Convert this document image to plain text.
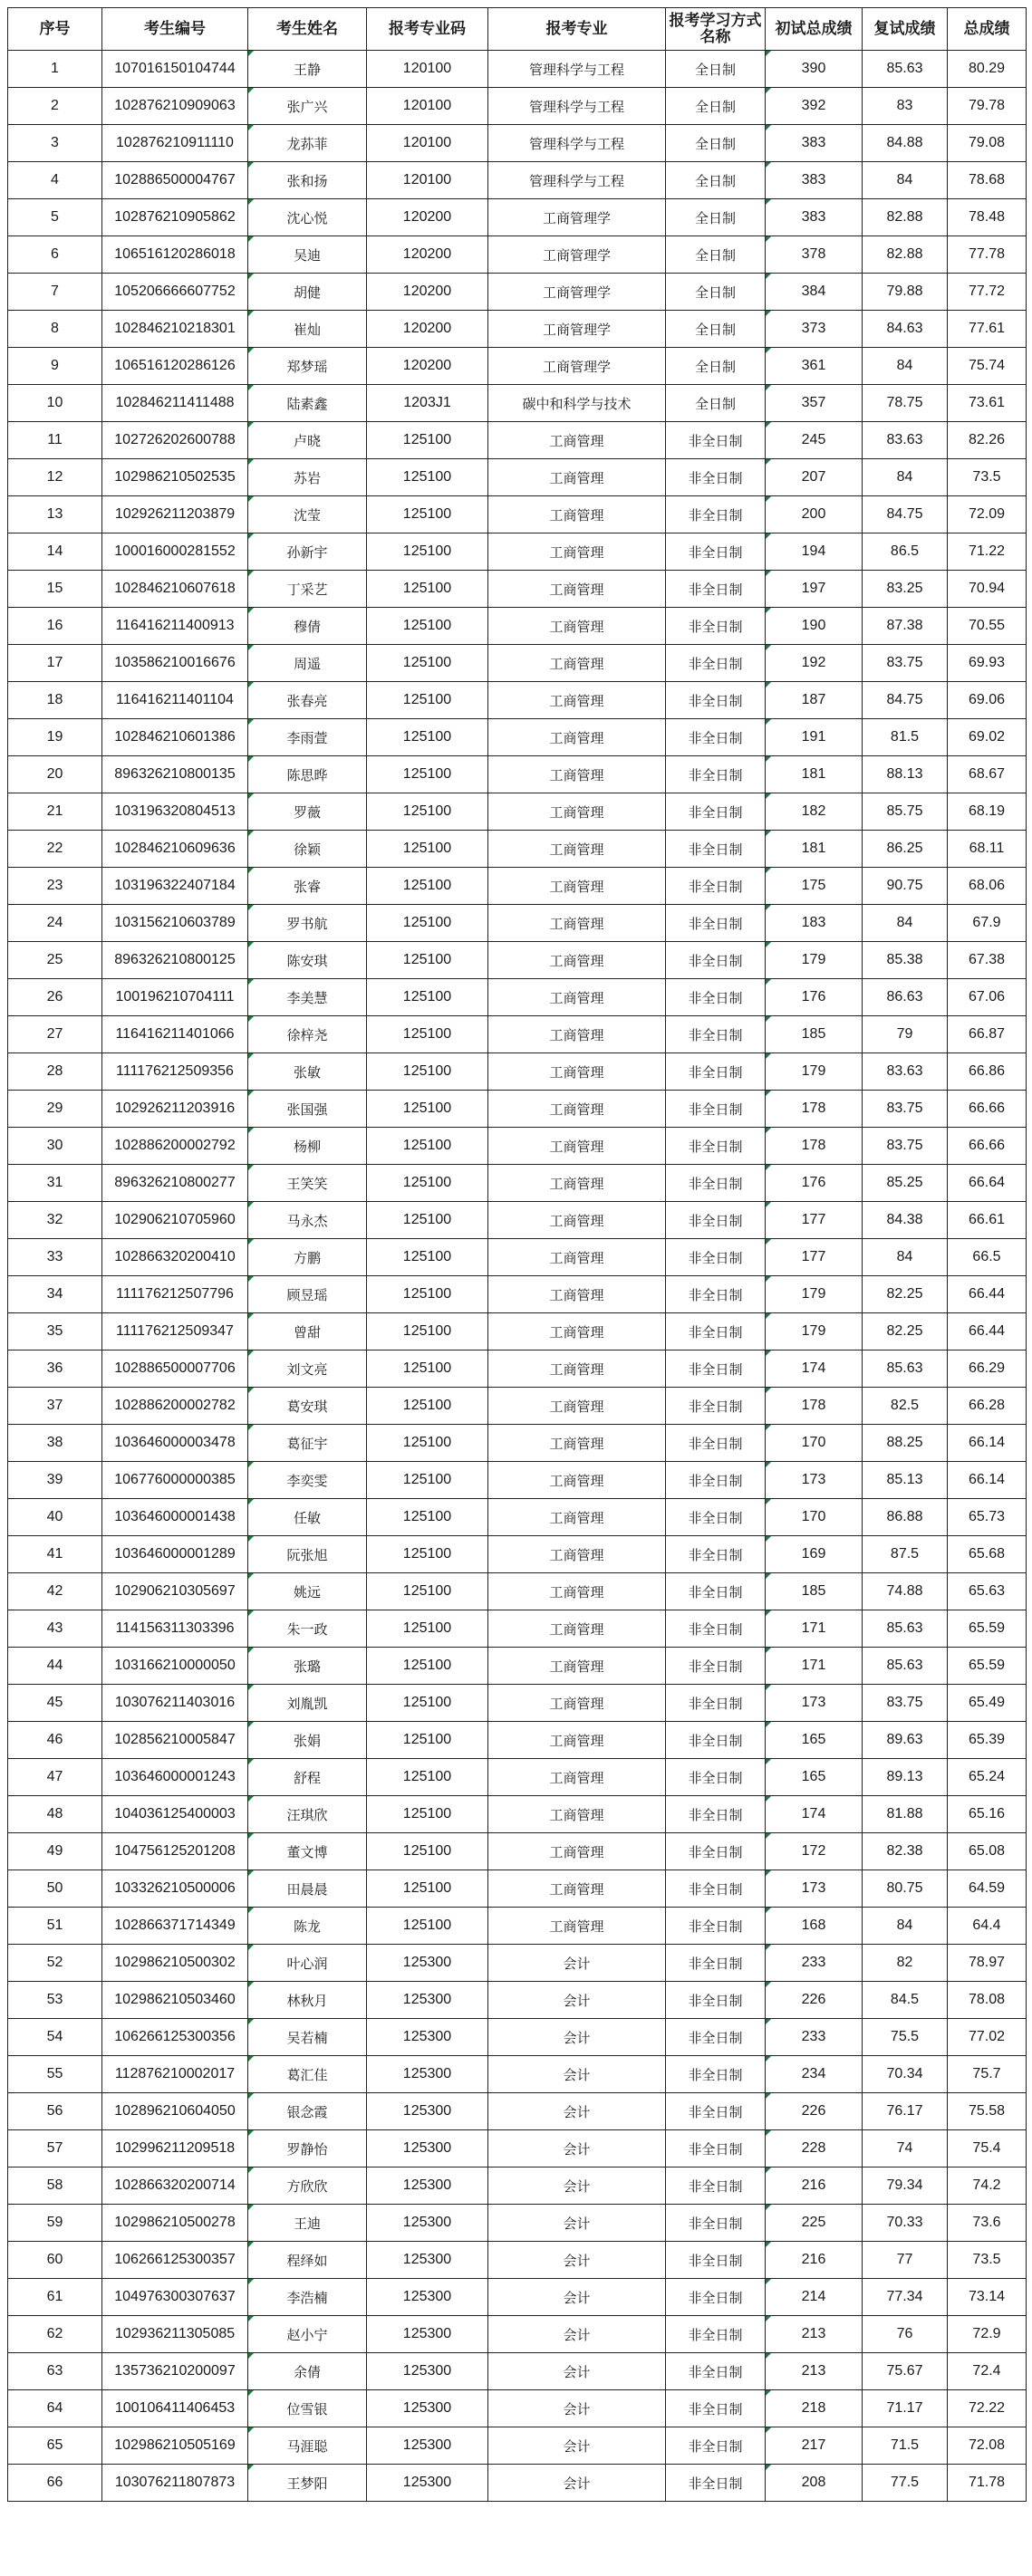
序号	考生编号	考生姓名	报考专业码	报考专业	报考学习方式名称	初试总成绩	复试成绩	总成绩
1	107016150104744	王静	120100	管理科学与工程	全日制	390	85.63	80.29
2	102876210909063	张广兴	120100	管理科学与工程	全日制	392	83	79.78
3	102876210911110	龙荪菲	120100	管理科学与工程	全日制	383	84.88	79.08
4	102886500004767	张和扬	120100	管理科学与工程	全日制	383	84	78.68
5	102876210905862	沈心悦	120200	工商管理学	全日制	383	82.88	78.48
6	106516120286018	吴迪	120200	工商管理学	全日制	378	82.88	77.78
7	105206666607752	胡健	120200	工商管理学	全日制	384	79.88	77.72
8	102846210218301	崔灿	120200	工商管理学	全日制	373	84.63	77.61
9	106516120286126	郑梦瑶	120200	工商管理学	全日制	361	84	75.74
10	102846211411488	陆素鑫	1203J1	碳中和科学与技术	全日制	357	78.75	73.61
11	102726202600788	卢晓	125100	工商管理	非全日制	245	83.63	82.26
12	102986210502535	苏岩	125100	工商管理	非全日制	207	84	73.5
13	102926211203879	沈莹	125100	工商管理	非全日制	200	84.75	72.09
14	100016000281552	孙新宇	125100	工商管理	非全日制	194	86.5	71.22
15	102846210607618	丁采艺	125100	工商管理	非全日制	197	83.25	70.94
16	116416211400913	穆倩	125100	工商管理	非全日制	190	87.38	70.55
17	103586210016676	周遥	125100	工商管理	非全日制	192	83.75	69.93
18	116416211401104	张春亮	125100	工商管理	非全日制	187	84.75	69.06
19	102846210601386	李雨萱	125100	工商管理	非全日制	191	81.5	69.02
20	896326210800135	陈思晔	125100	工商管理	非全日制	181	88.13	68.67
21	103196320804513	罗薇	125100	工商管理	非全日制	182	85.75	68.19
22	102846210609636	徐颖	125100	工商管理	非全日制	181	86.25	68.11
23	103196322407184	张睿	125100	工商管理	非全日制	175	90.75	68.06
24	103156210603789	罗书航	125100	工商管理	非全日制	183	84	67.9
25	896326210800125	陈安琪	125100	工商管理	非全日制	179	85.38	67.38
26	100196210704111	李美慧	125100	工商管理	非全日制	176	86.63	67.06
27	116416211401066	徐梓尧	125100	工商管理	非全日制	185	79	66.87
28	111176212509356	张敏	125100	工商管理	非全日制	179	83.63	66.86
29	102926211203916	张国强	125100	工商管理	非全日制	178	83.75	66.66
30	102886200002792	杨柳	125100	工商管理	非全日制	178	83.75	66.66
31	896326210800277	王笑笑	125100	工商管理	非全日制	176	85.25	66.64
32	102906210705960	马永杰	125100	工商管理	非全日制	177	84.38	66.61
33	102866320200410	方鹏	125100	工商管理	非全日制	177	84	66.5
34	111176212507796	顾昱瑶	125100	工商管理	非全日制	179	82.25	66.44
35	111176212509347	曾甜	125100	工商管理	非全日制	179	82.25	66.44
36	102886500007706	刘文亮	125100	工商管理	非全日制	174	85.63	66.29
37	102886200002782	葛安琪	125100	工商管理	非全日制	178	82.5	66.28
38	103646000003478	葛征宇	125100	工商管理	非全日制	170	88.25	66.14
39	106776000000385	李奕雯	125100	工商管理	非全日制	173	85.13	66.14
40	103646000001438	任敏	125100	工商管理	非全日制	170	86.88	65.73
41	103646000001289	阮张旭	125100	工商管理	非全日制	169	87.5	65.68
42	102906210305697	姚远	125100	工商管理	非全日制	185	74.88	65.63
43	114156311303396	朱一政	125100	工商管理	非全日制	171	85.63	65.59
44	103166210000050	张璐	125100	工商管理	非全日制	171	85.63	65.59
45	103076211403016	刘胤凯	125100	工商管理	非全日制	173	83.75	65.49
46	102856210005847	张娟	125100	工商管理	非全日制	165	89.63	65.39
47	103646000001243	舒程	125100	工商管理	非全日制	165	89.13	65.24
48	104036125400003	汪琪欣	125100	工商管理	非全日制	174	81.88	65.16
49	104756125201208	董文博	125100	工商管理	非全日制	172	82.38	65.08
50	103326210500006	田晨晨	125100	工商管理	非全日制	173	80.75	64.59
51	102866371714349	陈龙	125100	工商管理	非全日制	168	84	64.4
52	102986210500302	叶心润	125300	会计	非全日制	233	82	78.97
53	102986210503460	林秋月	125300	会计	非全日制	226	84.5	78.08
54	106266125300356	吴若楠	125300	会计	非全日制	233	75.5	77.02
55	112876210002017	葛汇佳	125300	会计	非全日制	234	70.34	75.7
56	102896210604050	银念霞	125300	会计	非全日制	226	76.17	75.58
57	102996211209518	罗静怡	125300	会计	非全日制	228	74	75.4
58	102866320200714	方欣欣	125300	会计	非全日制	216	79.34	74.2
59	102986210500278	王迪	125300	会计	非全日制	225	70.33	73.6
60	106266125300357	程绎如	125300	会计	非全日制	216	77	73.5
61	104976300307637	李浩楠	125300	会计	非全日制	214	77.34	73.14
62	102936211305085	赵小宁	125300	会计	非全日制	213	76	72.9
63	135736210200097	余倩	125300	会计	非全日制	213	75.67	72.4
64	100106411406453	位雪银	125300	会计	非全日制	218	71.17	72.22
65	102986210505169	马涯聪	125300	会计	非全日制	217	71.5	72.08
66	103076211807873	王梦阳	125300	会计	非全日制	208	77.5	71.78
